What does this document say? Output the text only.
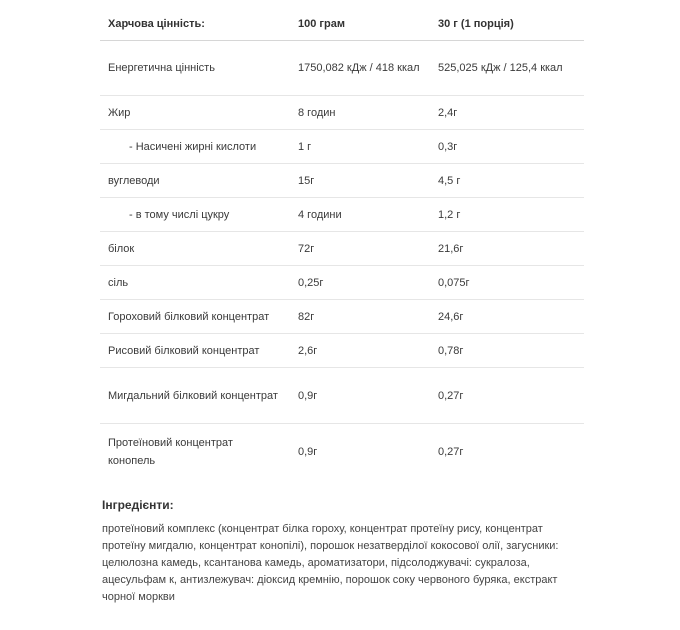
Харчова цінність:	100 грам	30 г (1 порція)
Енергетична цінність	1750,082 кДж / 418 ккал	525,025 кДж / 125,4 ккал
Жир	8 годин	2,4г
- Насичені жирні кислоти	1 г	0,3г
вуглеводи	15г	4,5 г
- в тому числі цукру	4 години	1,2 г
білок	72г	21,6г
сіль	0,25г	0,075г
Гороховий білковий концентрат	82г	24,6г
Рисовий білковий концентрат	2,6г	0,78г
Мигдальний білковий концентрат	0,9г	0,27г
Протеїновий концентрат конопель	0,9г	0,27г
Інгредієнти:

протеїновий комплекс (концентрат білка гороху, концентрат протеїну рису, концентрат протеїну мигдалю, концентрат конопілі), порошок незатверділої кокосової олії, загусники: целюлозна камедь, ксантанова камедь, ароматизатори, підсолоджувачі: сукралоза, ацесульфам к, антизлежувач: діоксид кремнію, порошок соку червоного буряка, екстракт чорної моркви
